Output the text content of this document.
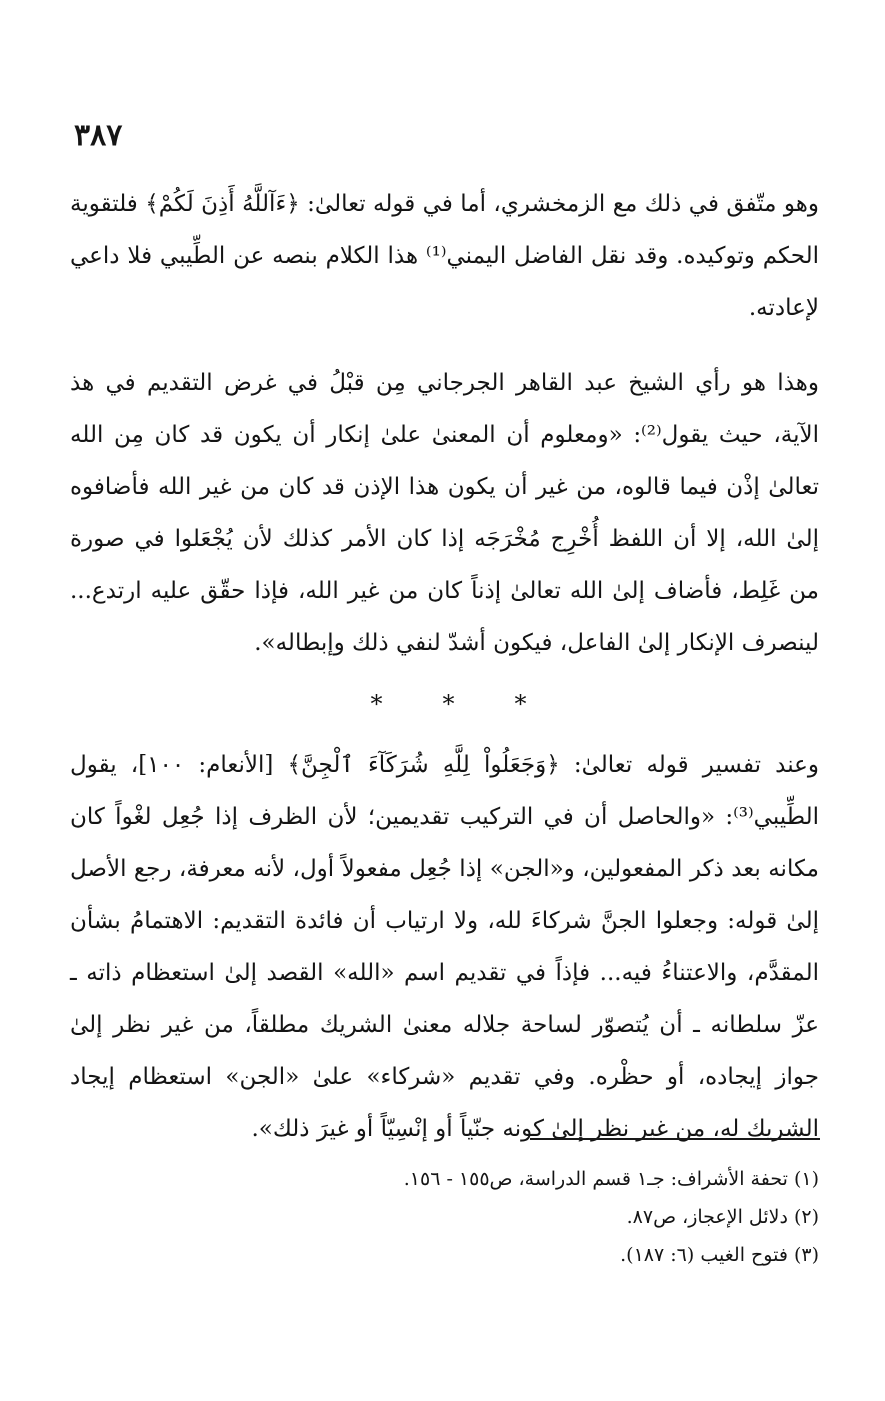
٣٨٧

وهو متّفق في ذلك مع الزمخشري، أما في قوله تعالىٰ: ﴿ءَآللَّهُ أَذِنَ لَكُمْ﴾ فلتقوية الحكم وتوكيده. وقد نقل الفاضل اليمني⁽¹⁾ هذا الكلام بنصه عن الطِّيبي فلا داعي لإعادته.

وهذا هو رأي الشيخ عبد القاهر الجرجاني مِن قبْلُ في غرض التقديم في هذ الآية، حيث يقول⁽²⁾: «ومعلوم أن المعنىٰ علىٰ إنكار أن يكون قد كان مِن الله تعالىٰ إذْن فيما قالوه، من غير أن يكون هذا الإذن قد كان من غير الله فأضافوه إلىٰ الله، إلا أن اللفظ أُخْرِج مُخْرَجَه إذا كان الأمر كذلك لأن يُجْعَلوا في صورة من غَلِط، فأضاف إلىٰ الله تعالىٰ إذناً كان من غير الله، فإذا حقّق عليه ارتدع... لينصرف الإنكار إلىٰ الفاعل، فيكون أشدّ لنفي ذلك وإبطاله».

*	*	*

وعند تفسير قوله تعالىٰ: ﴿وَجَعَلُواْ لِلَّهِ شُرَكَآءَ ٱلْجِنَّ﴾ [الأنعام: ١٠٠]، يقول الطِّيبي⁽³⁾: «والحاصل أن في التركيب تقديمين؛ لأن الظرف إذا جُعِل لغْواً كان مكانه بعد ذكر المفعولين، و«الجن» إذا جُعِل مفعولاً أول، لأنه معرفة، رجع الأصل إلىٰ قوله: وجعلوا الجنَّ شركاءَ لله، ولا ارتياب أن فائدة التقديم: الاهتمامُ بشأن المقدَّم، والاعتناءُ فيه... فإذاً في تقديم اسم «الله» القصد إلىٰ استعظام ذاته ـ عزّ سلطانه ـ أن يُتصوّر لساحة جلاله معنىٰ الشريك مطلقاً، من غير نظر إلىٰ جواز إيجاده، أو حظْره. وفي تقديم «شركاء» علىٰ «الجن» استعظام إيجاد الشريك له، من غير نظر إلىٰ كونه جنّياً أو إنْسِيّاً أو غيرَ ذلك».

(١) تحفة الأشراف: جـ١ قسم الدراسة، ص١٥٥ - ١٥٦.

(٢) دلائل الإعجاز، ص٨٧.

(٣) فتوح الغيب (٦: ١٨٧).
